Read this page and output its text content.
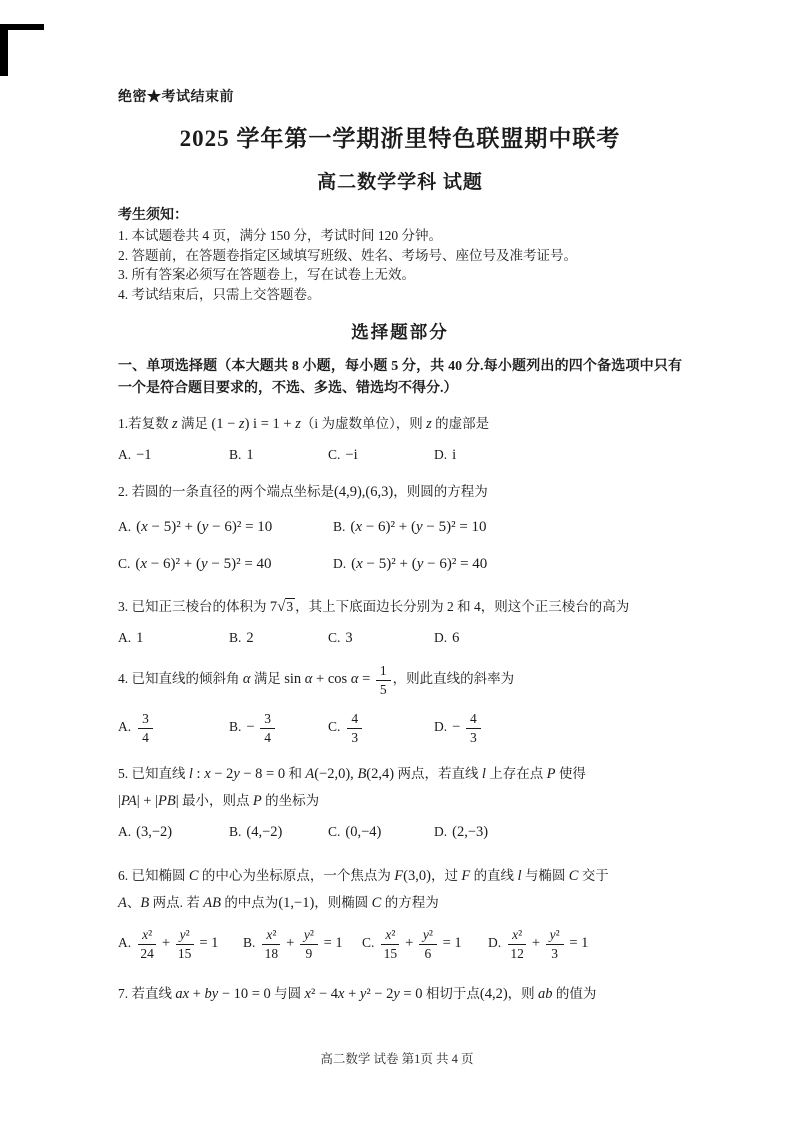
绝密★考试结束前
2025 学年第一学期浙里特色联盟期中联考
高二数学学科 试题
考生须知：
1. 本试题卷共 4 页，满分 150 分，考试时间 120 分钟。
2. 答题前，在答题卷指定区域填写班级、姓名、考场号、座位号及准考证号。
3. 所有答案必须写在答题卷上，写在试卷上无效。
4. 考试结束后，只需上交答题卷。
选择题部分
一、单项选择题（本大题共 8 小题，每小题 5 分，共 40 分.每小题列出的四个备选项中只有一个是符合题目要求的，不选、多选、错选均不得分.）
1.若复数 z 满足 (1 − z) i = 1 + z（i 为虚数单位），则 z 的虚部是
A. −1	B. 1	C. −i	D. i
2. 若圆的一条直径的两个端点坐标是(4,9),(6,3)，则圆的方程为
A. (x − 5)² + (y − 6)² = 10	B. (x − 6)² + (y − 5)² = 10
C. (x − 6)² + (y − 5)² = 40	D. (x − 5)² + (y − 6)² = 40
3. 已知正三棱台的体积为 7√3 ，其上下底面边长分别为 2 和 4，则这个正三棱台的高为
A. 1	B. 2	C. 3	D. 6
4. 已知直线的倾斜角 α 满足 $\sin \alpha + \cos \alpha = \frac{1}{5}$ ，则此直线的斜率为
A. $\frac{3}{4}$	B. − $\frac{3}{4}$	C. $\frac{4}{3}$	D. − $\frac{4}{3}$
5. 已知直线 l : x − 2y − 8 = 0 和 A(−2,0), B(2,4) 两点，若直线 l 上存在点 P 使得
|PA| + |PB| 最小，则点 P 的坐标为
A. (3,−2)	B. (4,−2)	C. (0,−4)	D. (2,−3)
6. 已知椭圆 C 的中心为坐标原点，一个焦点为 F(3,0)，过 F 的直线 l 与椭圆 C 交于
A、B 两点. 若 AB 的中点为(1,−1)，则椭圆 C 的方程为
A. $\frac{\text{x²}}{24} + \frac{\text{y²}}{15} = 1$	B. $\frac{\text{x²}}{18} + \frac{\text{y²}}{9} = 1$	C. $\frac{\text{x²}}{15} + \frac{\text{y²}}{6} = 1$	D. $\frac{\text{x²}}{12} + \frac{\text{y²}}{3} = 1$
7. 若直线 ax + by − 10 = 0 与圆 x² − 4x + y² − 2y = 0 相切于点(4,2)，则 ab 的值为
高二数学 试卷 第1页 共 4 页
